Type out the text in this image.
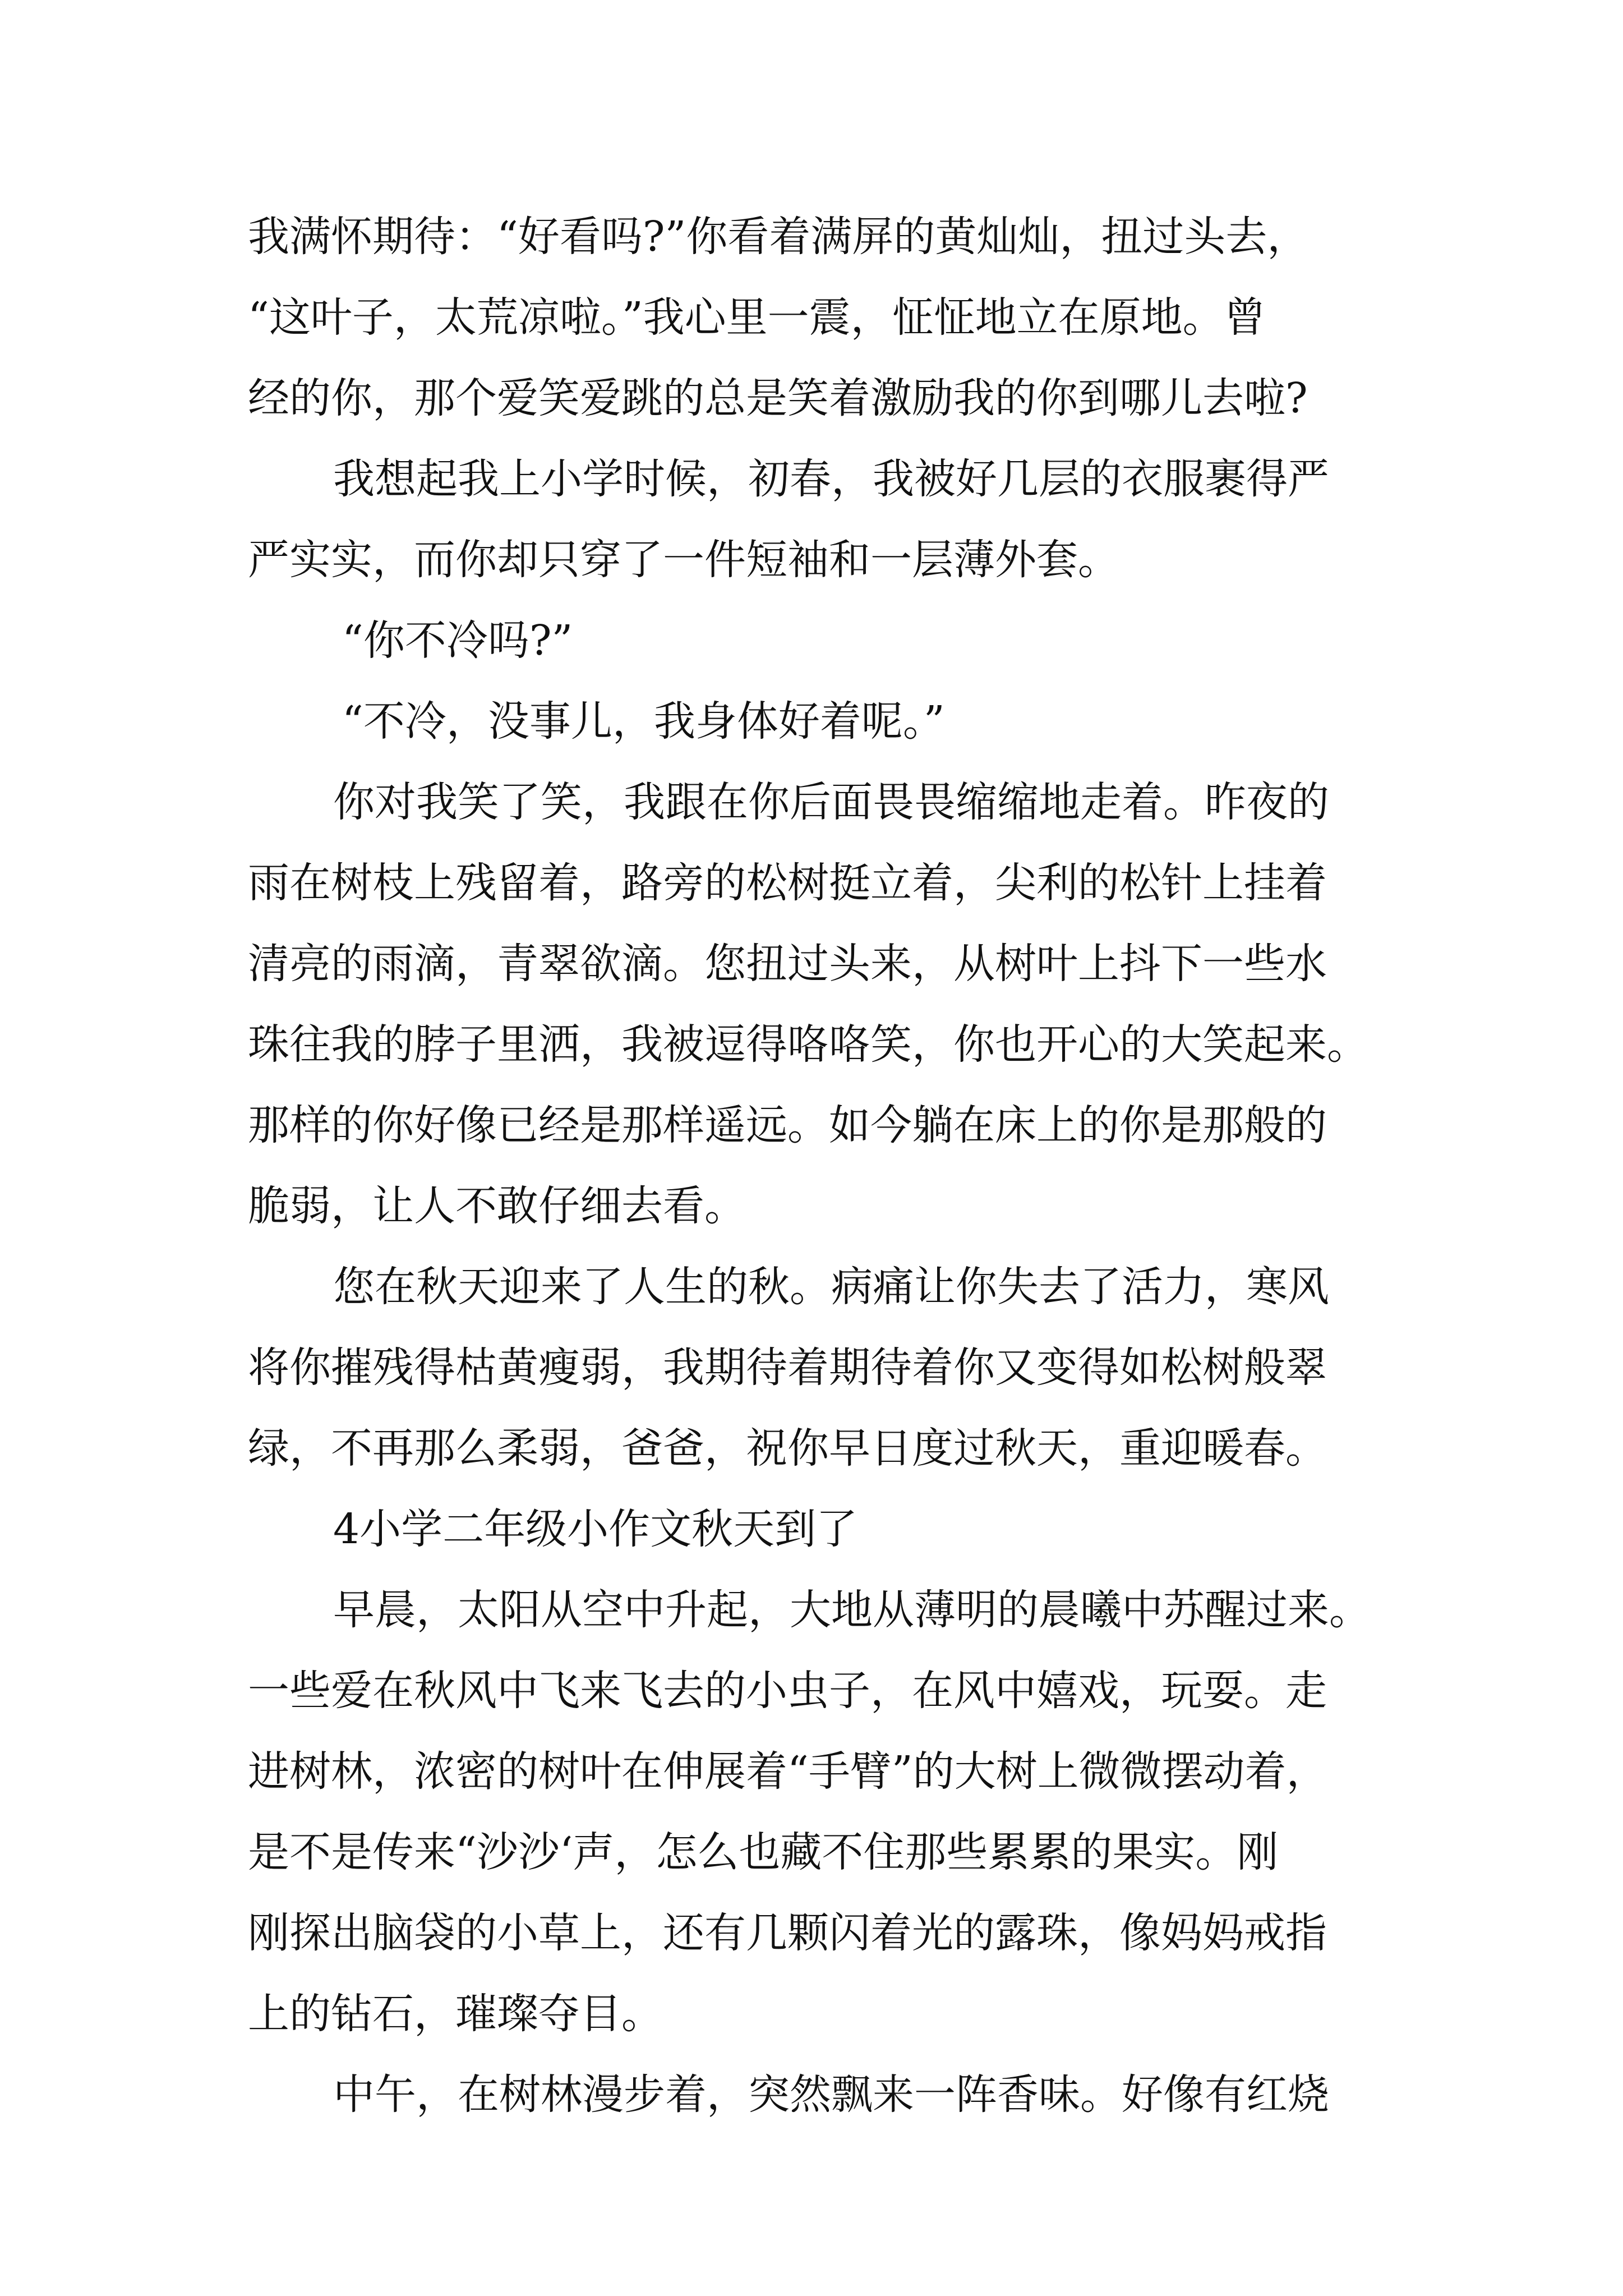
我满怀期待：“好看吗?”你看着满屏的黄灿灿，扭过头去，
“这叶子，太荒凉啦。”我心里一震，怔怔地立在原地。曾
经的你，那个爱笑爱跳的总是笑着激励我的你到哪儿去啦?
我想起我上小学时候，初春，我被好几层的衣服裹得严
严实实，而你却只穿了一件短袖和一层薄外套。
“你不冷吗?”
“不冷，没事儿，我身体好着呢。”
你对我笑了笑，我跟在你后面畏畏缩缩地走着。昨夜的
雨在树枝上残留着，路旁的松树挺立着，尖利的松针上挂着
清亮的雨滴，青翠欲滴。您扭过头来，从树叶上抖下一些水
珠往我的脖子里洒，我被逗得咯咯笑，你也开心的大笑起来。
那样的你好像已经是那样遥远。如今躺在床上的你是那般的
脆弱，让人不敢仔细去看。
您在秋天迎来了人生的秋。病痛让你失去了活力，寒风
将你摧残得枯黄瘦弱，我期待着期待着你又变得如松树般翠
绿，不再那么柔弱，爸爸，祝你早日度过秋天，重迎暖春。
4小学二年级小作文秋天到了
早晨，太阳从空中升起，大地从薄明的晨曦中苏醒过来。
一些爱在秋风中飞来飞去的小虫子，在风中嬉戏，玩耍。走
进树林，浓密的树叶在伸展着“手臂”的大树上微微摆动着，
是不是传来“沙沙‘声，怎么也藏不住那些累累的果实。刚
刚探出脑袋的小草上，还有几颗闪着光的露珠，像妈妈戒指
上的钻石，璀璨夺目。
中午，在树林漫步着，突然飘来一阵香味。好像有红烧
